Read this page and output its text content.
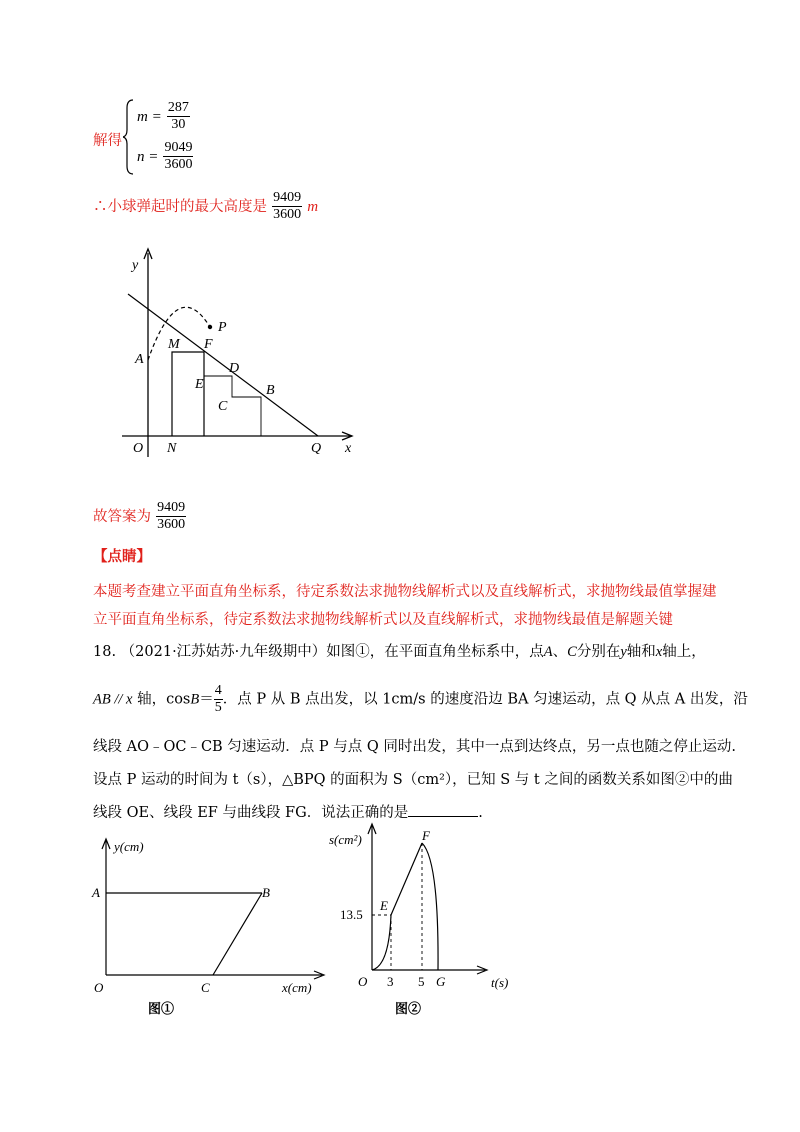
解得
$m = \frac{287}{30}$
$n = \frac{9049}{3600}$
∴小球弹起时的最大高度是 $\frac{9409}{3600}$ m
y
x
O N	Q
A
M F
P
E
D
C
B
故答案为 $\frac{9409}{3600}$
【点睛】
本题考查建立平面直角坐标系，待定系数法求抛物线解析式以及直线解析式，求抛物线最值掌握建
立平面直角坐标系，待定系数法求抛物线解析式以及直线解析式，求抛物线最值是解题关键
18. （2021·江苏姑苏·九年级期中）如图①，在平面直角坐标系中，点A、C分别在y轴和x轴上，
AB // x 轴，$\cos B= \frac{4}{5}$ ．点 P 从 B 点出发，以 1cm/s 的速度沿边 BA 匀速运动，点 Q 从点 A 出发，沿
线段 AO﹣OC﹣CB 匀速运动．点 P 与点 Q 同时出发，其中一点到达终点，另一点也随之停止运动.
设点 P 运动的时间为 t（s），△BPQ 的面积为 S（cm²），已知 S 与 t 之间的函数关系如图②中的曲
线段 OE、线段 EF 与曲线段 FG．说法正确的是	.
y(cm)
x(cm)
O
A	B
C
图①
s(cm²)
t(s)
O
E
F
G
13.5
3 5
图②
